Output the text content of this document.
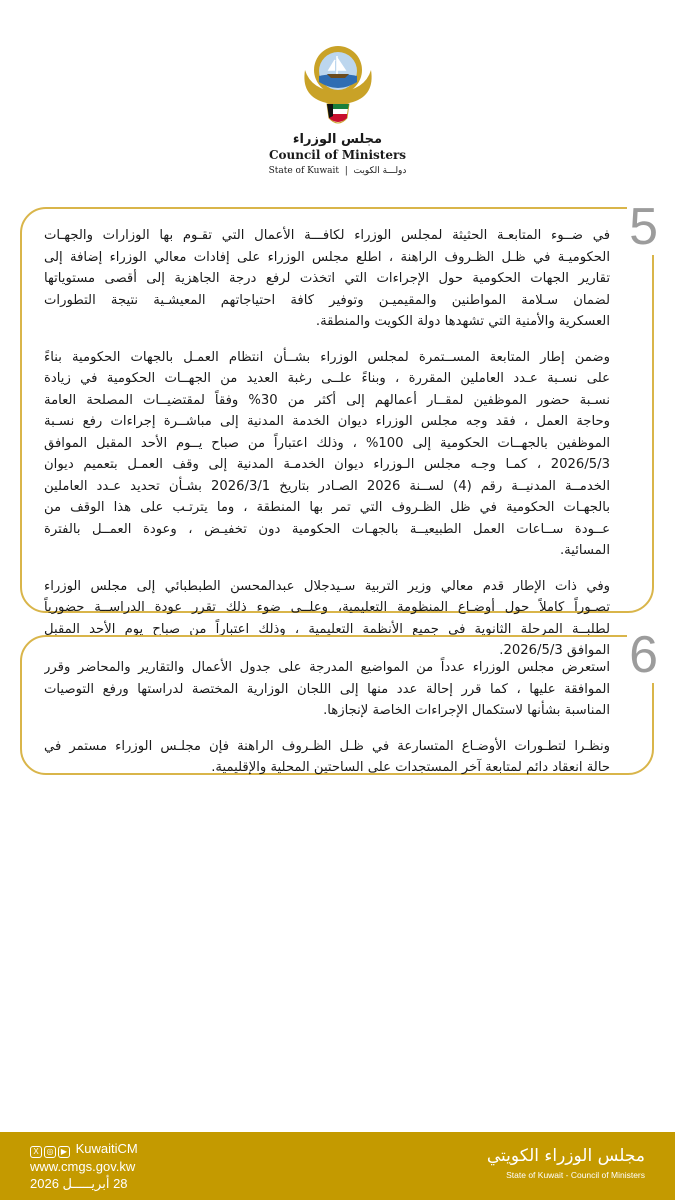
مجلس الوزراء
Council of Ministers
State of Kuwait  |  دولـــة الكويت
5
في ضــوء المتابعـة الحثيثة لمجلس الوزراء لكافـــة الأعمال التي تقـوم بها الوزارات والجهـات
الحكوميـة في ظـل الظـروف الراهنة ، اطلع مجلس الوزراء على إفادات معالي الوزراء إضافة إلى
تقارير الجهات الحكومية حول الإجراءات التي اتخذت لرفع درجة الجاهزية إلى أقصى مستوياتها
لضمان سـلامة المواطنين والمقيميـن وتوفير كافة احتياجاتهم المعيشـية نتيجة التطورات
العسكرية والأمنية التي تشهدها دولة الكويت والمنطقة.
وضمن إطار المتابعة المســتمرة لمجلس الوزراء بشــأن انتظام العمـل بالجهات الحكومية بناءً
على نسـبة عـدد العاملين المقررة ، وبناءً علــى رغبة العديد من الجهــات الحكومية في زيادة
نسـبة حضور الموظفين لمقــار أعمالهم إلى أكثر من 30% وفقاً لمقتضيــات المصلحة العامة
وحاجة العمل ، فقد وجه مجلس الوزراء ديوان الخدمة المدنية إلى مباشــرة إجراءات رفع نسـبة
الموظفين بالجهــات الحكومية إلى 100% ، وذلك اعتباراً من صباح يــوم الأحد المقبل الموافق
2026/5/3 ، كمـا وجـه مجلس الـوزراء ديوان الخدمـة المدنية إلى وقف العمـل بتعميم ديوان
الخدمــة المدنيــة رقم (4) لســنة 2026 الصـادر بتاريخ 2026/3/1 بشـأن تحديد عـدد العاملين
بالجهـات الحكومية في ظل الظـروف التي تمر بها المنطقة ، وما يترتـب على هذا الوقف من
عــودة ســاعات العمل الطبيعيــة بالجهـات الحكومية دون تخفيـض ، وعودة العمــل بالفترة
المسائية.
وفي ذات الإطار قدم معالي وزير التربية سـيدجلال عبدالمحسن الطبطبائي إلى مجلس الوزراء
تصـوراً كاملاً حول أوضـاع المنظومة التعليمية، وعلــى ضوء ذلك تقرر عودة الدراســة حضورياً
لطلبــة المرحلة الثانوية في جميع الأنظمة التعليمية ، وذلك اعتباراً من صباح يوم الأحد المقبل
الموافق 2026/5/3. 6
استعرض مجلس الوزراء عدداً من المواضيع المدرجة على جدول الأعمال والتقارير والمحاضر وقرر
الموافقة عليها ، كما قرر إحالة عدد منها إلى اللجان الوزارية المختصة لدراستها ورفع التوصيات
المناسبة بشأنها لاستكمال الإجراءات الخاصة لإنجازها.
ونظـرا لتطـورات الأوضـاع المتسارعة في ظـل الظـروف الراهنة فإن مجلـس الوزراء مستمر في
حالة انعقاد دائم لمتابعة آخر المستجدات على الساحتين المحلية والإقليمية.
X ◎ ▶ KuwaitiCM
www.cmgs.gov.kw
28 أبريـــــل 2026
مجلس الوزراء الكويتي
State of Kuwait - Council of Ministers
